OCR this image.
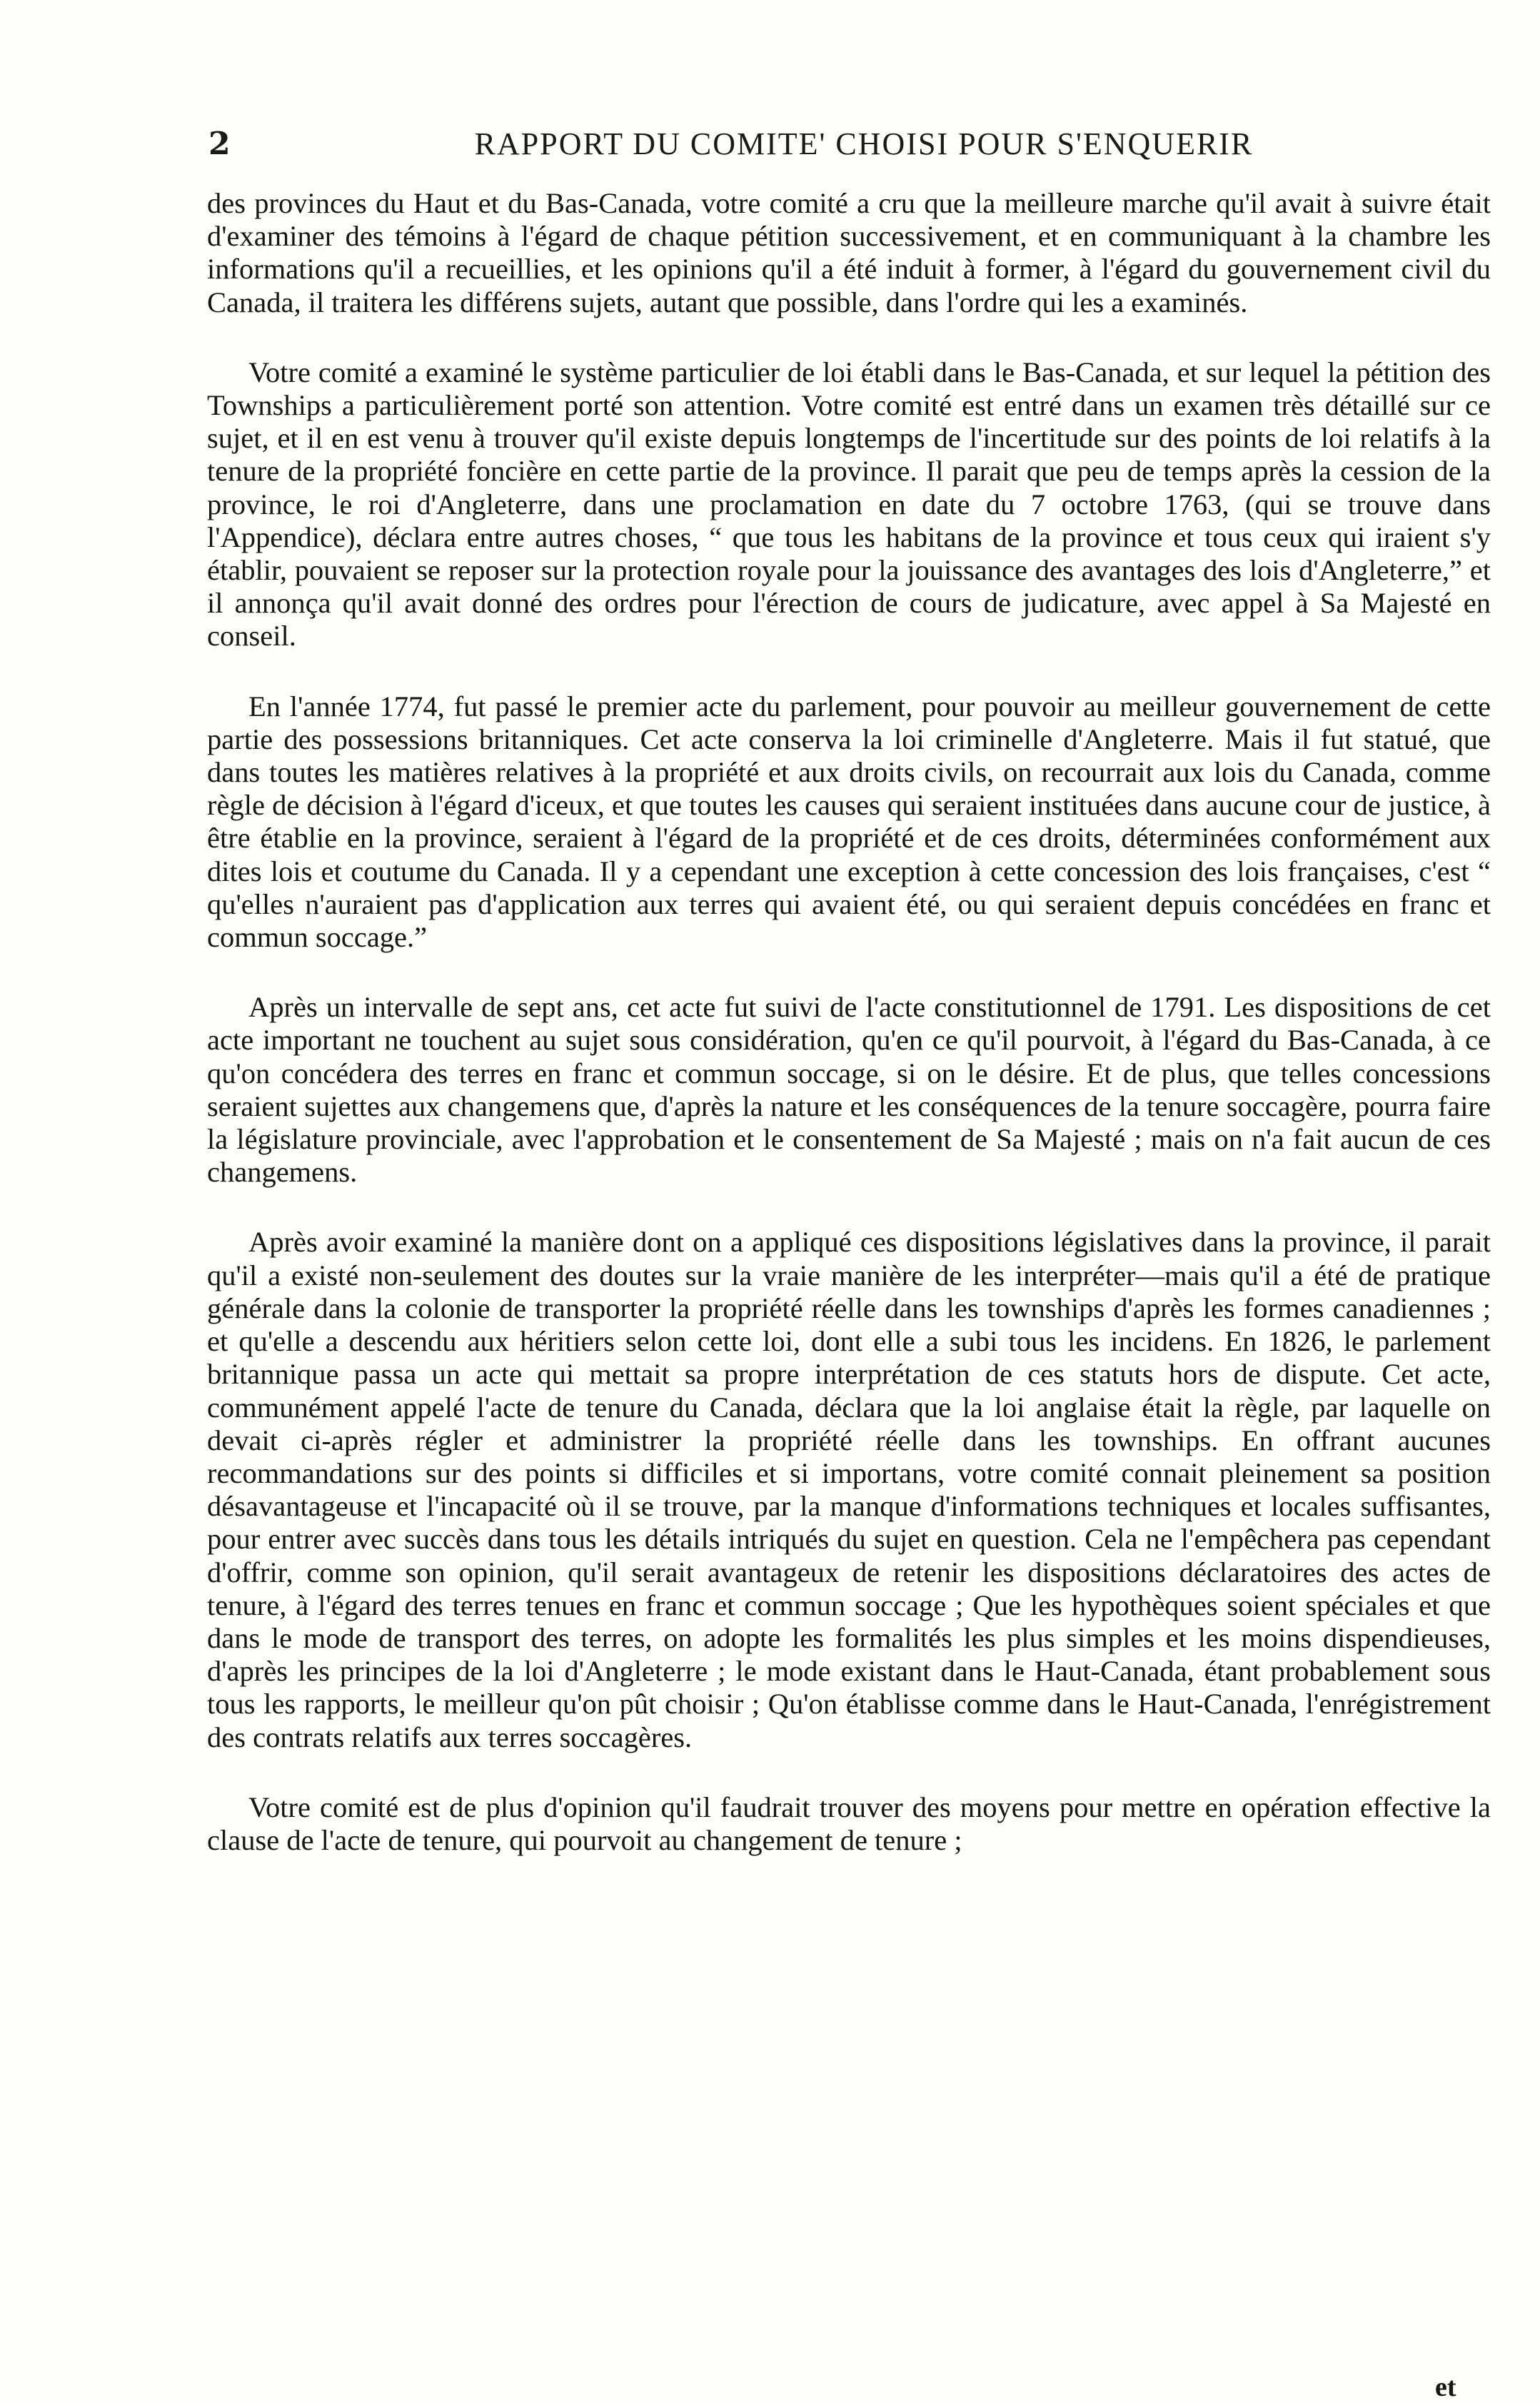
2	RAPPORT DU COMITE' CHOISI POUR S'ENQUERIR

des provinces du Haut et du Bas-Canada, votre comité a cru que la meilleure marche qu'il avait à suivre était d'examiner des témoins à l'égard de chaque pétition successivement, et en communiquant à la chambre les informations qu'il a recueillies, et les opinions qu'il a été induit à former, à l'égard du gouvernement civil du Canada, il traitera les différens sujets, autant que possible, dans l'ordre qui les a examinés.

Votre comité a examiné le système particulier de loi établi dans le Bas-Canada, et sur lequel la pétition des Townships a particulièrement porté son attention. Votre comité est entré dans un examen très détaillé sur ce sujet, et il en est venu à trouver qu'il existe depuis longtemps de l'incertitude sur des points de loi relatifs à la tenure de la propriété foncière en cette partie de la province. Il parait que peu de temps après la cession de la province, le roi d'Angleterre, dans une proclamation en date du 7 octobre 1763, (qui se trouve dans l'Appendice), déclara entre autres choses, “ que tous les habitans de la province et tous ceux qui iraient s'y établir, pouvaient se reposer sur la protection royale pour la jouissance des avantages des lois d'Angleterre,” et il annonça qu'il avait donné des ordres pour l'érection de cours de judicature, avec appel à Sa Majesté en conseil.

En l'année 1774, fut passé le premier acte du parlement, pour pouvoir au meilleur gouvernement de cette partie des possessions britanniques. Cet acte conserva la loi criminelle d'Angleterre. Mais il fut statué, que dans toutes les matières relatives à la propriété et aux droits civils, on recourrait aux lois du Canada, comme règle de décision à l'égard d'iceux, et que toutes les causes qui seraient instituées dans aucune cour de justice, à être établie en la province, seraient à l'égard de la propriété et de ces droits, déterminées conformément aux dites lois et coutume du Canada. Il y a cependant une exception à cette concession des lois françaises, c'est “ qu'elles n'auraient pas d'application aux terres qui avaient été, ou qui seraient depuis concédées en franc et commun soccage.”

Après un intervalle de sept ans, cet acte fut suivi de l'acte constitutionnel de 1791. Les dispositions de cet acte important ne touchent au sujet sous considération, qu'en ce qu'il pourvoit, à l'égard du Bas-Canada, à ce qu'on concédera des terres en franc et commun soccage, si on le désire. Et de plus, que telles concessions seraient sujettes aux changemens que, d'après la nature et les conséquences de la tenure soccagère, pourra faire la législature provinciale, avec l'approbation et le consentement de Sa Majesté ; mais on n'a fait aucun de ces changemens.

Après avoir examiné la manière dont on a appliqué ces dispositions législatives dans la province, il parait qu'il a existé non-seulement des doutes sur la vraie manière de les interpréter—mais qu'il a été de pratique générale dans la colonie de transporter la propriété réelle dans les townships d'après les formes canadiennes ; et qu'elle a descendu aux héritiers selon cette loi, dont elle a subi tous les incidens. En 1826, le parlement britannique passa un acte qui mettait sa propre interprétation de ces statuts hors de dispute. Cet acte, communément appelé l'acte de tenure du Canada, déclara que la loi anglaise était la règle, par laquelle on devait ci-après régler et administrer la propriété réelle dans les townships. En offrant aucunes recommandations sur des points si difficiles et si importans, votre comité connait pleinement sa position désavantageuse et l'incapacité où il se trouve, par la manque d'informations techniques et locales suffisantes, pour entrer avec succès dans tous les détails intriqués du sujet en question. Cela ne l'empêchera pas cependant d'offrir, comme son opinion, qu'il serait avantageux de retenir les dispositions déclaratoires des actes de tenure, à l'égard des terres tenues en franc et commun soccage ; Que les hypothèques soient spéciales et que dans le mode de transport des terres, on adopte les formalités les plus simples et les moins dispendieuses, d'après les principes de la loi d'Angleterre ; le mode existant dans le Haut-Canada, étant probablement sous tous les rapports, le meilleur qu'on pût choisir ; Qu'on établisse comme dans le Haut-Canada, l'enrégistrement des contrats relatifs aux terres soccagères.

Votre comité est de plus d'opinion qu'il faudrait trouver des moyens pour mettre en opération effective la clause de l'acte de tenure, qui pourvoit au changement de tenure ;

et
